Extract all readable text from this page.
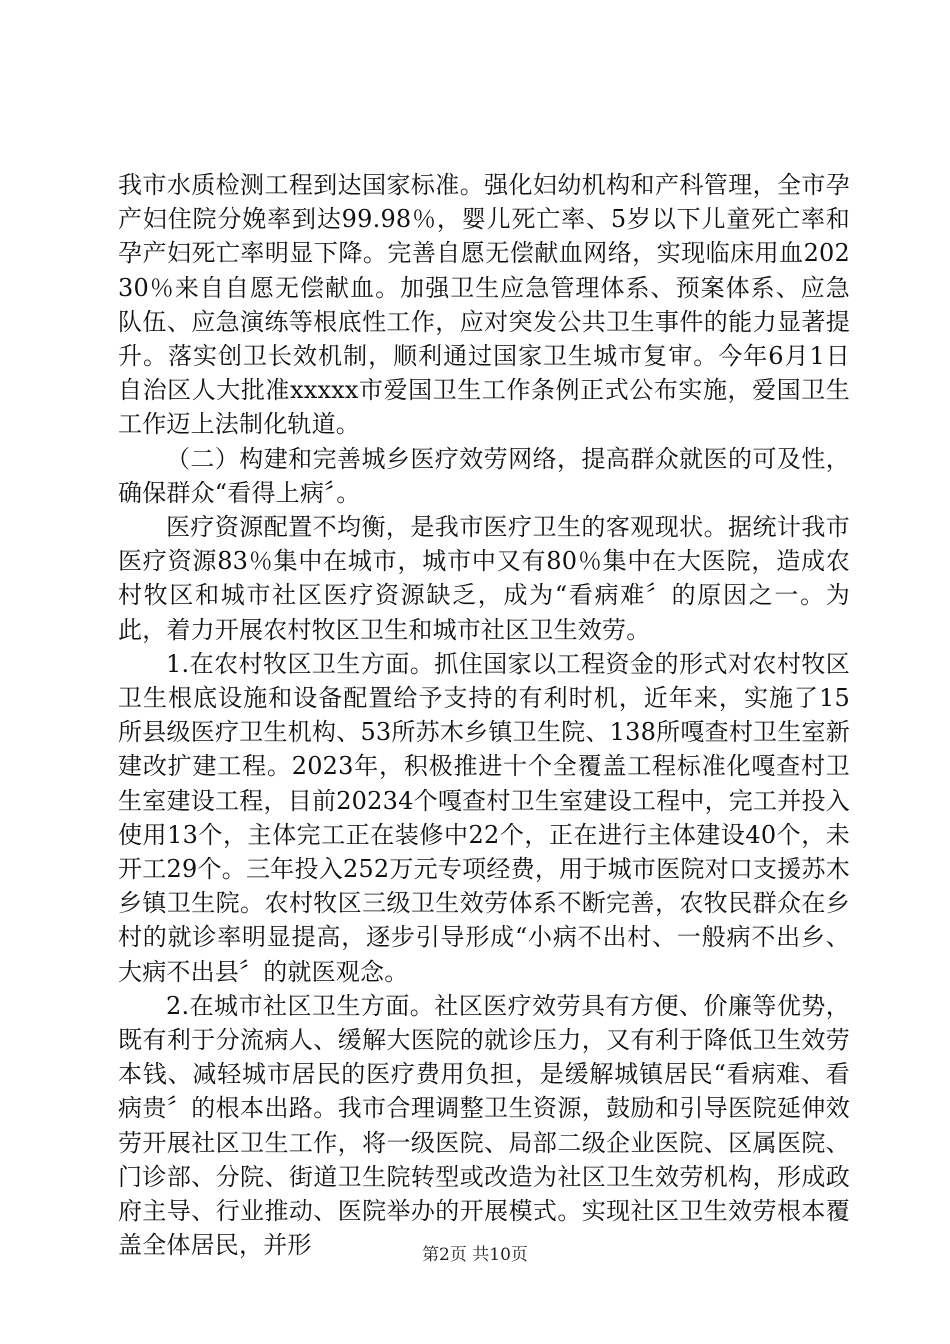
我市水质检测工程到达国家标准。强化妇幼机构和产科管理，全市孕产妇住院分娩率到达99.98％，婴儿死亡率、5岁以下儿童死亡率和孕产妇死亡率明显下降。完善自愿无偿献血网络，实现临床用血20230％来自自愿无偿献血。加强卫生应急管理体系、预案体系、应急队伍、应急演练等根底性工作，应对突发公共卫生事件的能力显著提升。落实创卫长效机制，顺利通过国家卫生城市复审。今年6月1日自治区人大批准xxxxx市爱国卫生工作条例正式公布实施，爱国卫生工作迈上法制化轨道。

（二）构建和完善城乡医疗效劳网络，提高群众就医的可及性，确保群众“看得上病〞。

医疗资源配置不均衡，是我市医疗卫生的客观现状。据统计我市医疗资源83％集中在城市，城市中又有80％集中在大医院，造成农村牧区和城市社区医疗资源缺乏，成为“看病难〞的原因之一。为此，着力开展农村牧区卫生和城市社区卫生效劳。

1.在农村牧区卫生方面。抓住国家以工程资金的形式对农村牧区卫生根底设施和设备配置给予支持的有利时机，近年来，实施了15所县级医疗卫生机构、53所苏木乡镇卫生院、138所嘎查村卫生室新建改扩建工程。2023年，积极推进十个全覆盖工程标准化嘎查村卫生室建设工程，目前20234个嘎查村卫生室建设工程中，完工并投入使用13个，主体完工正在装修中22个，正在进行主体建设40个，未开工29个。三年投入252万元专项经费，用于城市医院对口支援苏木乡镇卫生院。农村牧区三级卫生效劳体系不断完善，农牧民群众在乡村的就诊率明显提高，逐步引导形成“小病不出村、一般病不出乡、大病不出县〞的就医观念。

2.在城市社区卫生方面。社区医疗效劳具有方便、价廉等优势，既有利于分流病人、缓解大医院的就诊压力，又有利于降低卫生效劳本钱、减轻城市居民的医疗费用负担，是缓解城镇居民“看病难、看病贵〞的根本出路。我市合理调整卫生资源，鼓励和引导医院延伸效劳开展社区卫生工作，将一级医院、局部二级企业医院、区属医院、门诊部、分院、街道卫生院转型或改造为社区卫生效劳机构，形成政府主导、行业推动、医院举办的开展模式。实现社区卫生效劳根本覆盖全体居民，并形	第2页 共10页
